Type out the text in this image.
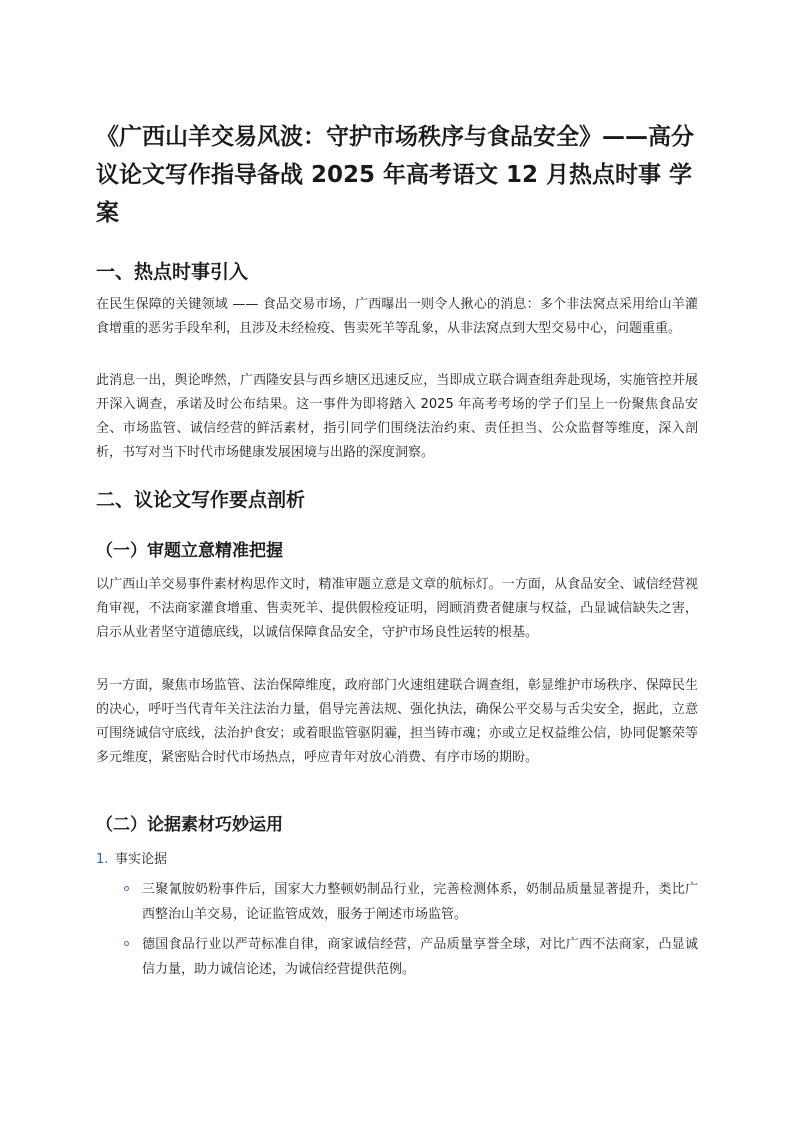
《广西山羊交易风波：守护市场秩序与食品安全》——高分议论文写作指导备战 2025 年高考语文 12 月热点时事 学案
一、热点时事引入

在民生保障的关键领域 —— 食品交易市场，广西曝出一则令人揪心的消息：多个非法窝点采用给山羊灌食增重的恶劣手段牟利，且涉及未经检疫、售卖死羊等乱象，从非法窝点到大型交易中心，问题重重。

此消息一出，舆论哗然，广西隆安县与西乡塘区迅速反应，当即成立联合调查组奔赴现场，实施管控并展开深入调查，承诺及时公布结果。这一事件为即将踏入 2025 年高考考场的学子们呈上一份聚焦食品安全、市场监管、诚信经营的鲜活素材，指引同学们围绕法治约束、责任担当、公众监督等维度，深入剖析，书写对当下时代市场健康发展困境与出路的深度洞察。

二、议论文写作要点剖析
（一）审题立意精准把握

以广西山羊交易事件素材构思作文时，精准审题立意是文章的航标灯。一方面，从食品安全、诚信经营视角审视，不法商家灌食增重、售卖死羊、提供假检疫证明，罔顾消费者健康与权益，凸显诚信缺失之害，启示从业者坚守道德底线，以诚信保障食品安全，守护市场良性运转的根基。

另一方面，聚焦市场监管、法治保障维度，政府部门火速组建联合调查组，彰显维护市场秩序、保障民生的决心，呼吁当代青年关注法治力量，倡导完善法规、强化执法，确保公平交易与舌尖安全，据此，立意可围绕诚信守底线，法治护食安；或着眼监管驱阴霾，担当铸市魂；亦或立足权益维公信，协同促繁荣等多元维度，紧密贴合时代市场热点，呼应青年对放心消费、有序市场的期盼。

（二）论据素材巧妙运用
1. 事实论据

三聚氰胺奶粉事件后，国家大力整顿奶制品行业，完善检测体系，奶制品质量显著提升，类比广西整治山羊交易，论证监管成效，服务于阐述市场监管。

德国食品行业以严苛标准自律，商家诚信经营，产品质量享誉全球，对比广西不法商家，凸显诚信力量，助力诚信论述，为诚信经营提供范例。
